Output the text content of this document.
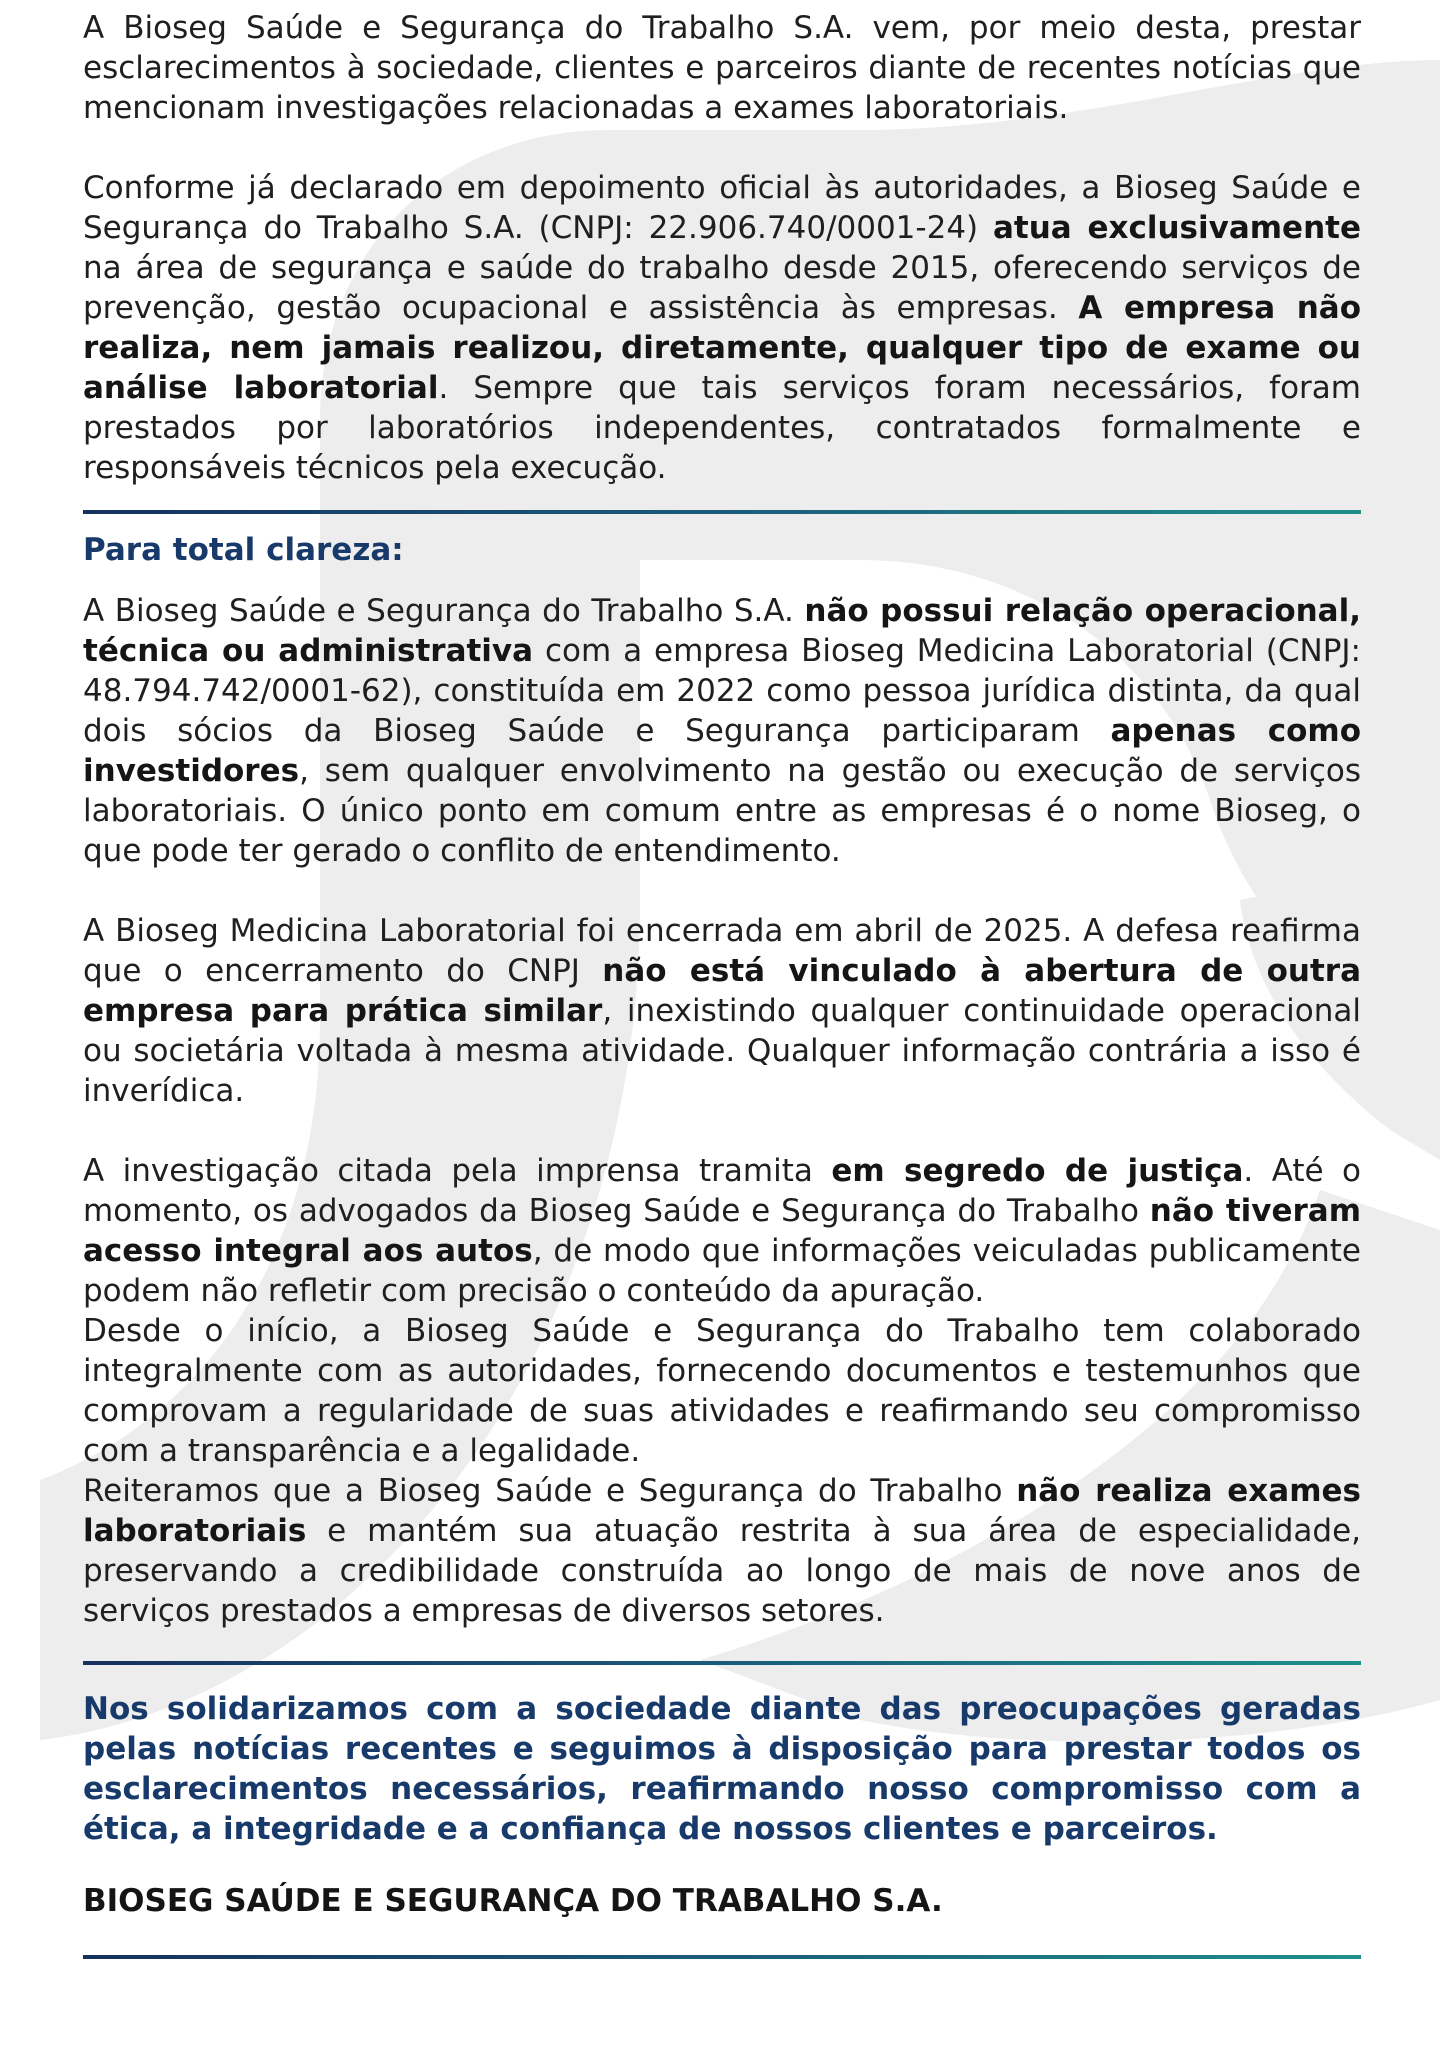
A Bioseg Saúde e Segurança do Trabalho S.A. vem, por meio desta, prestar esclarecimentos à sociedade, clientes e parceiros diante de recentes notícias que mencionam investigações relacionadas a exames laboratoriais.

Conforme já declarado em depoimento oficial às autoridades, a Bioseg Saúde e Segurança do Trabalho S.A. (CNPJ: 22.906.740/0001-24) atua exclusivamente na área de segurança e saúde do trabalho desde 2015, oferecendo serviços de prevenção, gestão ocupacional e assistência às empresas. A empresa não realiza, nem jamais realizou, diretamente, qualquer tipo de exame ou análise laboratorial. Sempre que tais serviços foram necessários, foram prestados por laboratórios independentes, contratados formalmente e responsáveis técnicos pela execução.

Para total clareza:

A Bioseg Saúde e Segurança do Trabalho S.A. não possui relação operacional, técnica ou administrativa com a empresa Bioseg Medicina Laboratorial (CNPJ: 48.794.742/0001-62), constituída em 2022 como pessoa jurídica distinta, da qual dois sócios da Bioseg Saúde e Segurança participaram apenas como investidores, sem qualquer envolvimento na gestão ou execução de serviços laboratoriais. O único ponto em comum entre as empresas é o nome Bioseg, o que pode ter gerado o conflito de entendimento.

A Bioseg Medicina Laboratorial foi encerrada em abril de 2025. A defesa reafirma que o encerramento do CNPJ não está vinculado à abertura de outra empresa para prática similar, inexistindo qualquer continuidade operacional ou societária voltada à mesma atividade. Qualquer informação contrária a isso é inverídica.

A investigação citada pela imprensa tramita em segredo de justiça. Até o momento, os advogados da Bioseg Saúde e Segurança do Trabalho não tiveram acesso integral aos autos, de modo que informações veiculadas publicamente podem não refletir com precisão o conteúdo da apuração.

Desde o início, a Bioseg Saúde e Segurança do Trabalho tem colaborado integralmente com as autoridades, fornecendo documentos e testemunhos que comprovam a regularidade de suas atividades e reafirmando seu compromisso com a transparência e a legalidade.

Reiteramos que a Bioseg Saúde e Segurança do Trabalho não realiza exames laboratoriais e mantém sua atuação restrita à sua área de especialidade, preservando a credibilidade construída ao longo de mais de nove anos de serviços prestados a empresas de diversos setores.

Nos solidarizamos com a sociedade diante das preocupações geradas pelas notícias recentes e seguimos à disposição para prestar todos os esclarecimentos necessários, reafirmando nosso compromisso com a ética, a integridade e a confiança de nossos clientes e parceiros.

BIOSEG SAÚDE E SEGURANÇA DO TRABALHO S.A.
